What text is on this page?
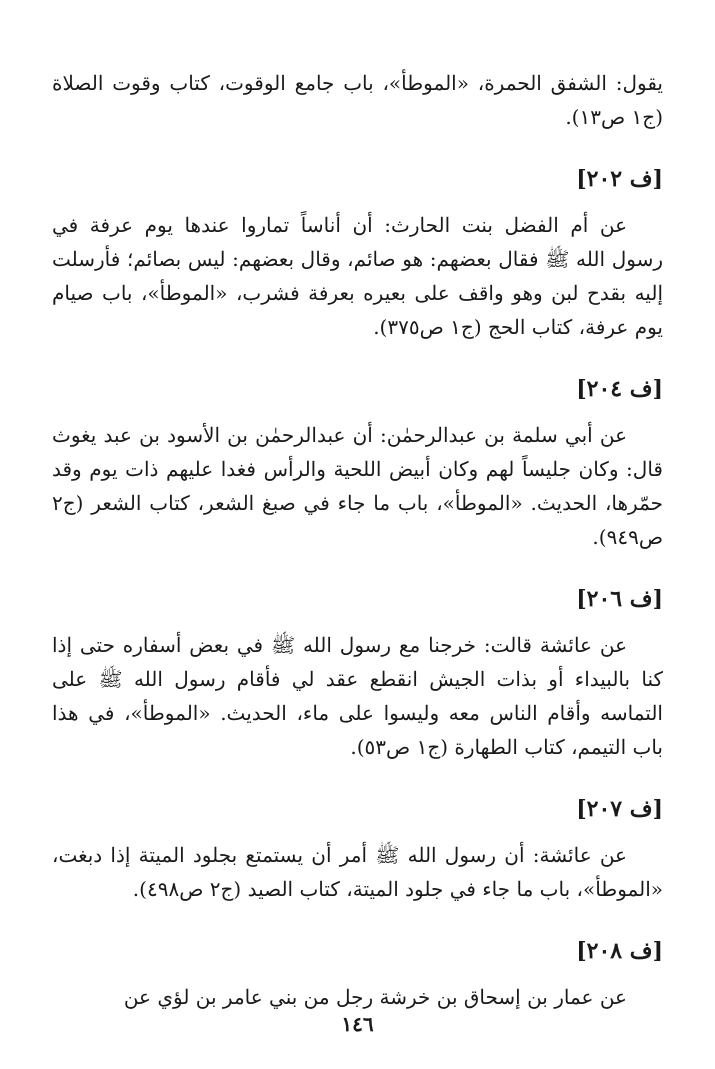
يقول: الشفق الحمرة، «الموطأ»، باب جامع الوقوت، كتاب وقوت الصلاة (ج١ ص١٣).

[ف ٢٠٢]

عن أم الفضل بنت الحارث: أن أناساً تماروا عندها يوم عرفة في رسول الله ﷺ فقال بعضهم: هو صائم، وقال بعضهم: ليس بصائم؛ فأرسلت إليه بقدح لبن وهو واقف على بعيره بعرفة فشرب، «الموطأ»، باب صيام يوم عرفة، كتاب الحج (ج١ ص٣٧٥).

[ف ٢٠٤]

عن أبي سلمة بن عبدالرحمٰن: أن عبدالرحمٰن بن الأسود بن عبد يغوث قال: وكان جليساً لهم وكان أبيض اللحية والرأس فغدا عليهم ذات يوم وقد حمّرها، الحديث. «الموطأ»، باب ما جاء في صبغ الشعر، كتاب الشعر (ج٢ ص٩٤٩).

[ف ٢٠٦]

عن عائشة قالت: خرجنا مع رسول الله ﷺ في بعض أسفاره حتى إذا كنا بالبيداء أو بذات الجيش انقطع عقد لي فأقام رسول الله ﷺ على التماسه وأقام الناس معه وليسوا على ماء، الحديث. «الموطأ»، في هذا باب التيمم، كتاب الطهارة (ج١ ص٥٣).

[ف ٢٠٧]

عن عائشة: أن رسول الله ﷺ أمر أن يستمتع بجلود الميتة إذا دبغت، «الموطأ»، باب ما جاء في جلود الميتة، كتاب الصيد (ج٢ ص٤٩٨).

[ف ٢٠٨]

عن عمار بن إسحاق بن خرشة رجل من بني عامر بن لؤي عن

١٤٦
